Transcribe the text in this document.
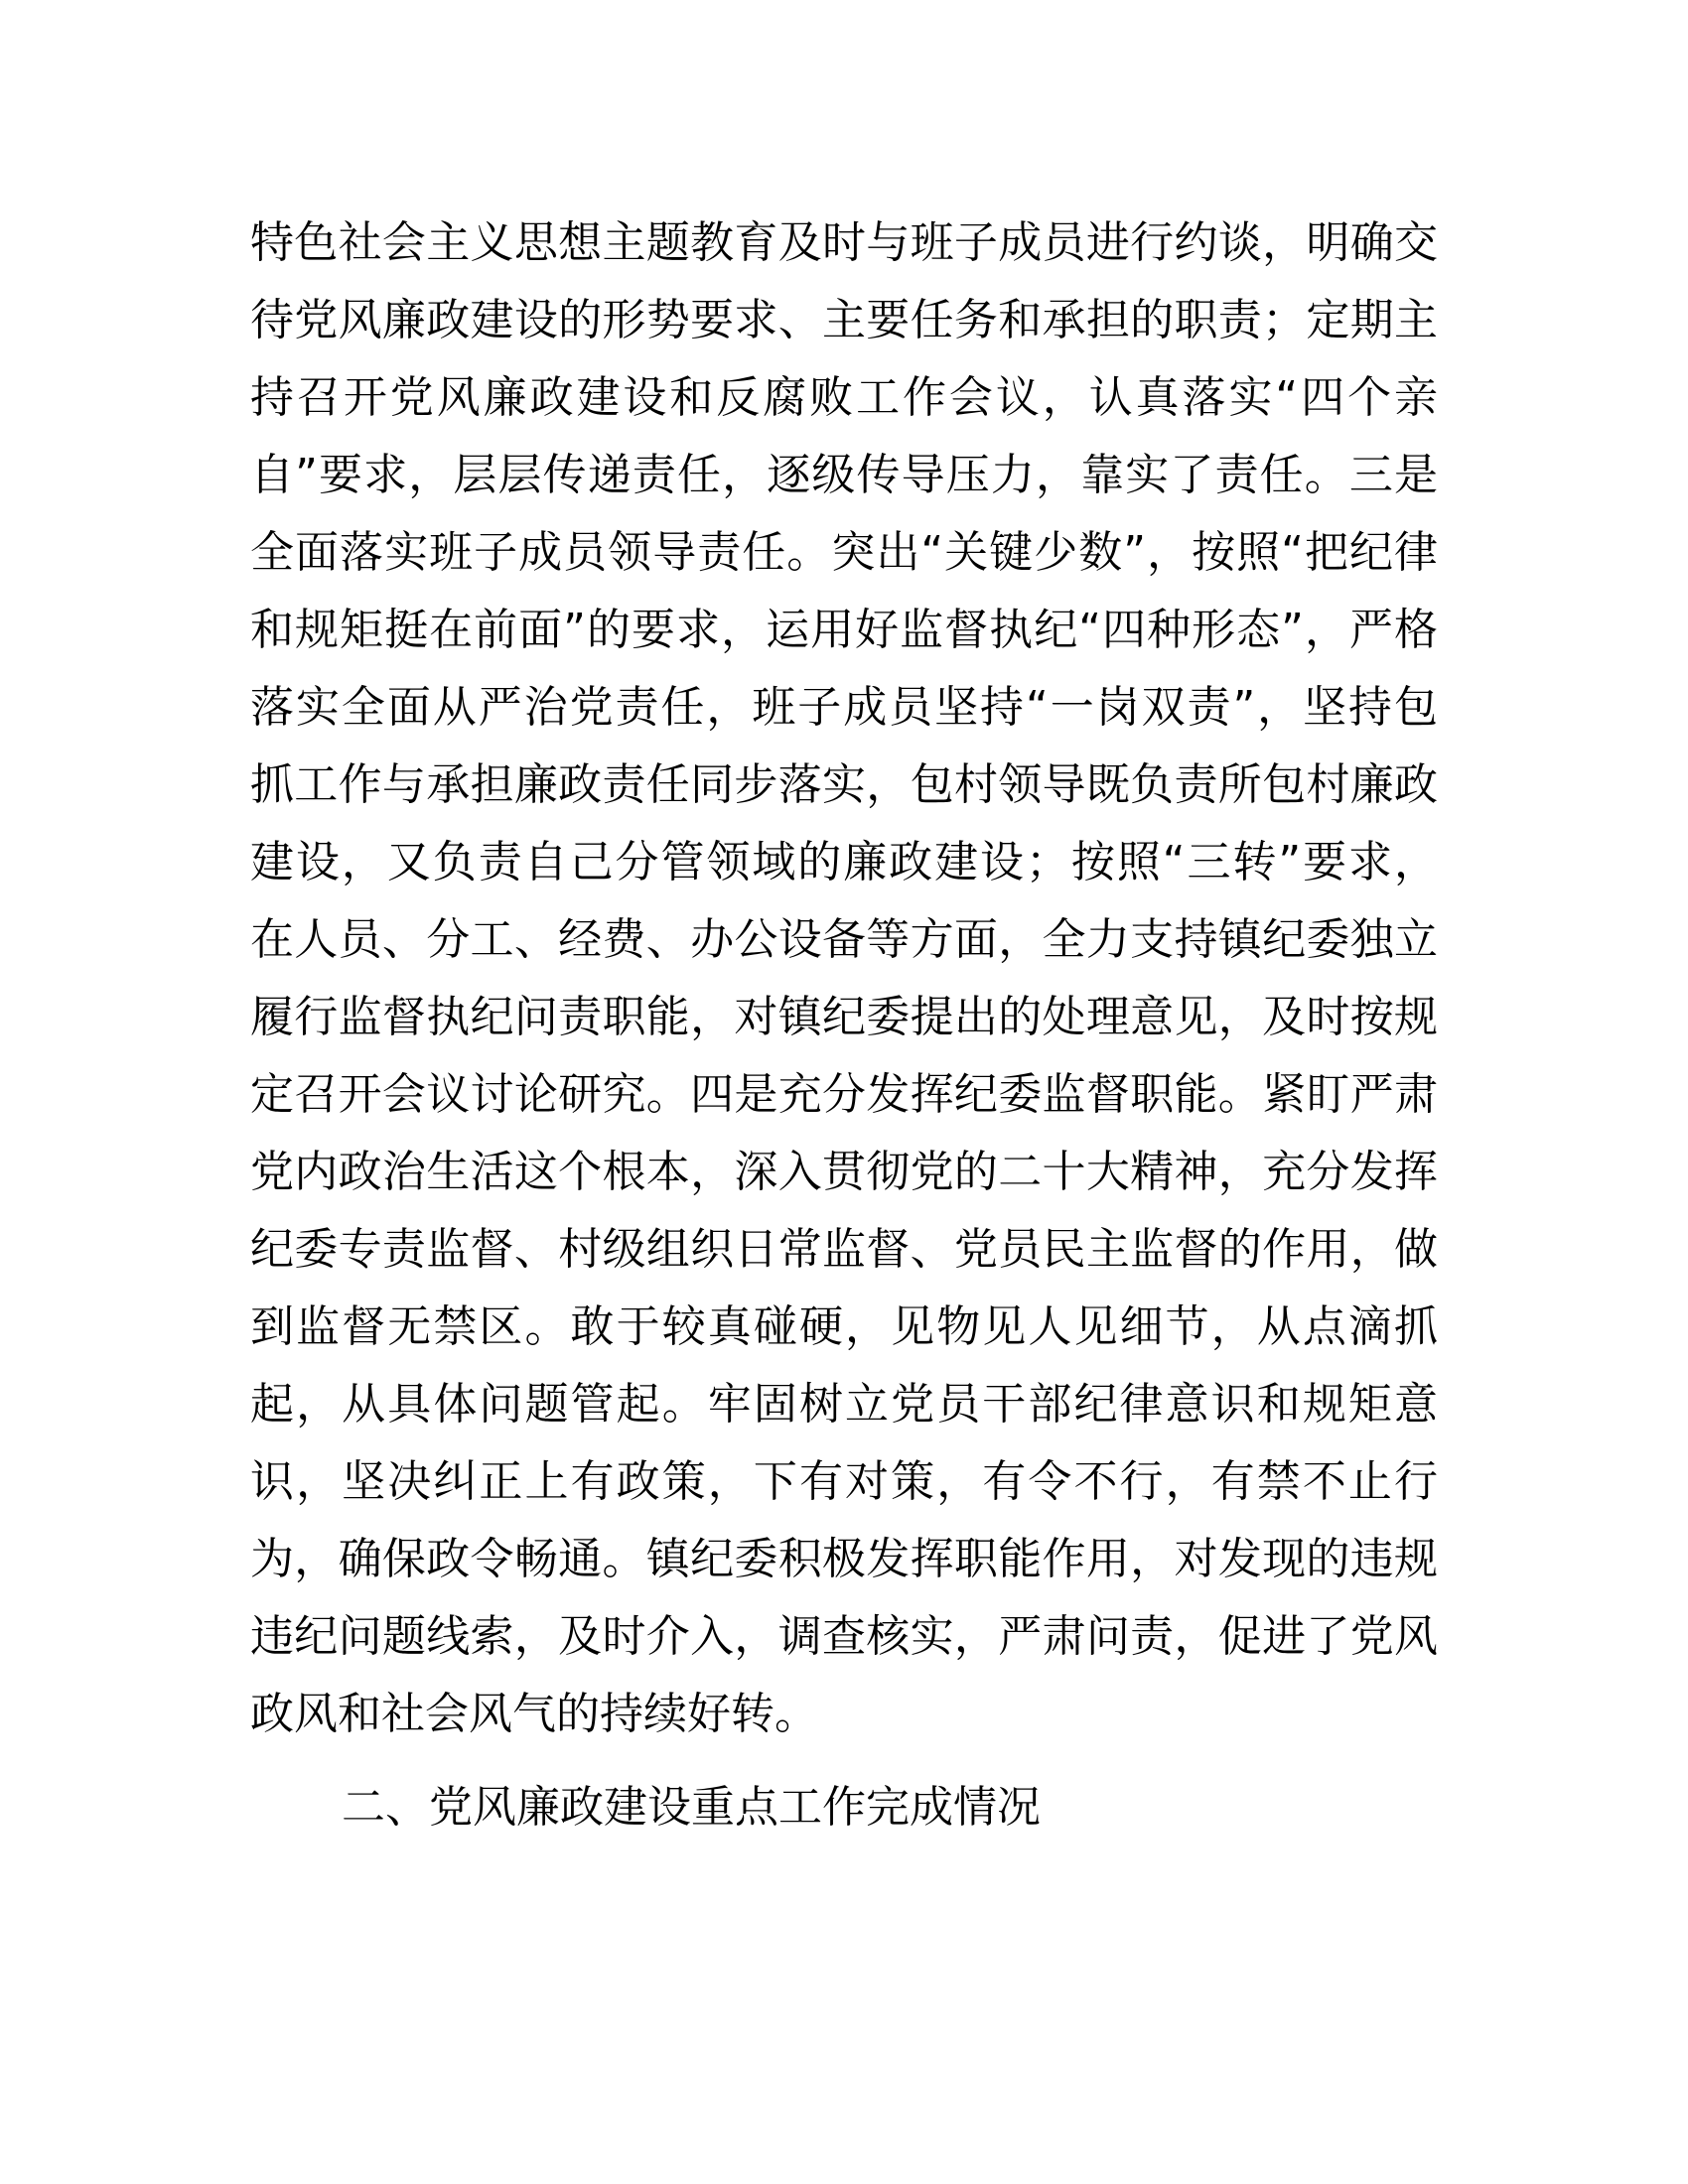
特色社会主义思想主题教育及时与班子成员进行约谈，明确交
待党风廉政建设的形势要求、主要任务和承担的职责；定期主
持召开党风廉政建设和反腐败工作会议，认真落实“四个亲
自”要求，层层传递责任，逐级传导压力，靠实了责任。三是
全面落实班子成员领导责任。突出“关键少数”，按照“把纪律
和规矩挺在前面”的要求，运用好监督执纪“四种形态”，严格
落实全面从严治党责任，班子成员坚持“一岗双责”，坚持包
抓工作与承担廉政责任同步落实，包村领导既负责所包村廉政
建设，又负责自己分管领域的廉政建设；按照“三转”要求，
在人员、分工、经费、办公设备等方面，全力支持镇纪委独立
履行监督执纪问责职能，对镇纪委提出的处理意见，及时按规
定召开会议讨论研究。四是充分发挥纪委监督职能。紧盯严肃
党内政治生活这个根本，深入贯彻党的二十大精神，充分发挥
纪委专责监督、村级组织日常监督、党员民主监督的作用，做
到监督无禁区。敢于较真碰硬，见物见人见细节，从点滴抓
起，从具体问题管起。牢固树立党员干部纪律意识和规矩意
识，坚决纠正上有政策，下有对策，有令不行，有禁不止行
为，确保政令畅通。镇纪委积极发挥职能作用，对发现的违规
违纪问题线索，及时介入，调查核实，严肃问责，促进了党风
政风和社会风气的持续好转。
二、党风廉政建设重点工作完成情况
